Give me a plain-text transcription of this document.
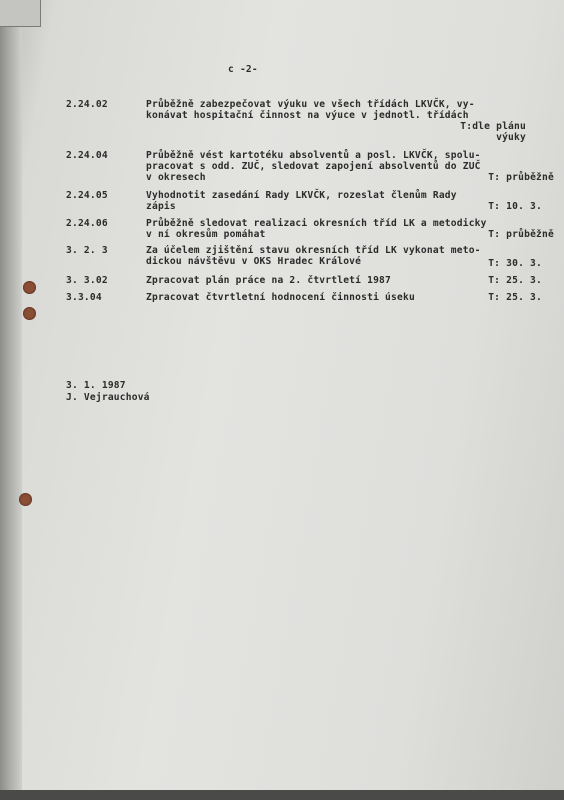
c -2-
2.24.02	Průběžně zabezpečovat výuku ve všech třídách LKVČK, vy-
konávat hospitační činnost na výuce v jednotl. třídách
T:dle plánu
výuky
2.24.04	Průběžně vést kartotéku absolventů a posl. LKVČK, spolu-
pracovat s odd. ZUČ, sledovat zapojení absolventů do ZUČ
v okresech	T: průběžně
2.24.05	Vyhodnotit zasedání Rady LKVČK, rozeslat členům Rady
zápis	T: 10. 3.
2.24.06	Průběžně sledovat realizaci okresních tříd LK a metodicky
v ní okresům pomáhat	T: průběžně
3. 2. 3	Za účelem zjištění stavu okresních tříd LK vykonat meto-
dickou návštěvu v OKS Hradec Králové	T: 30. 3.
3. 3.02	Zpracovat plán práce na 2. čtvrtletí 1987	T: 25. 3.
3.3.04	Zpracovat čtvrtletní hodnocení činnosti úseku	T: 25. 3.
3. 1. 1987
J. Vejrauchová
